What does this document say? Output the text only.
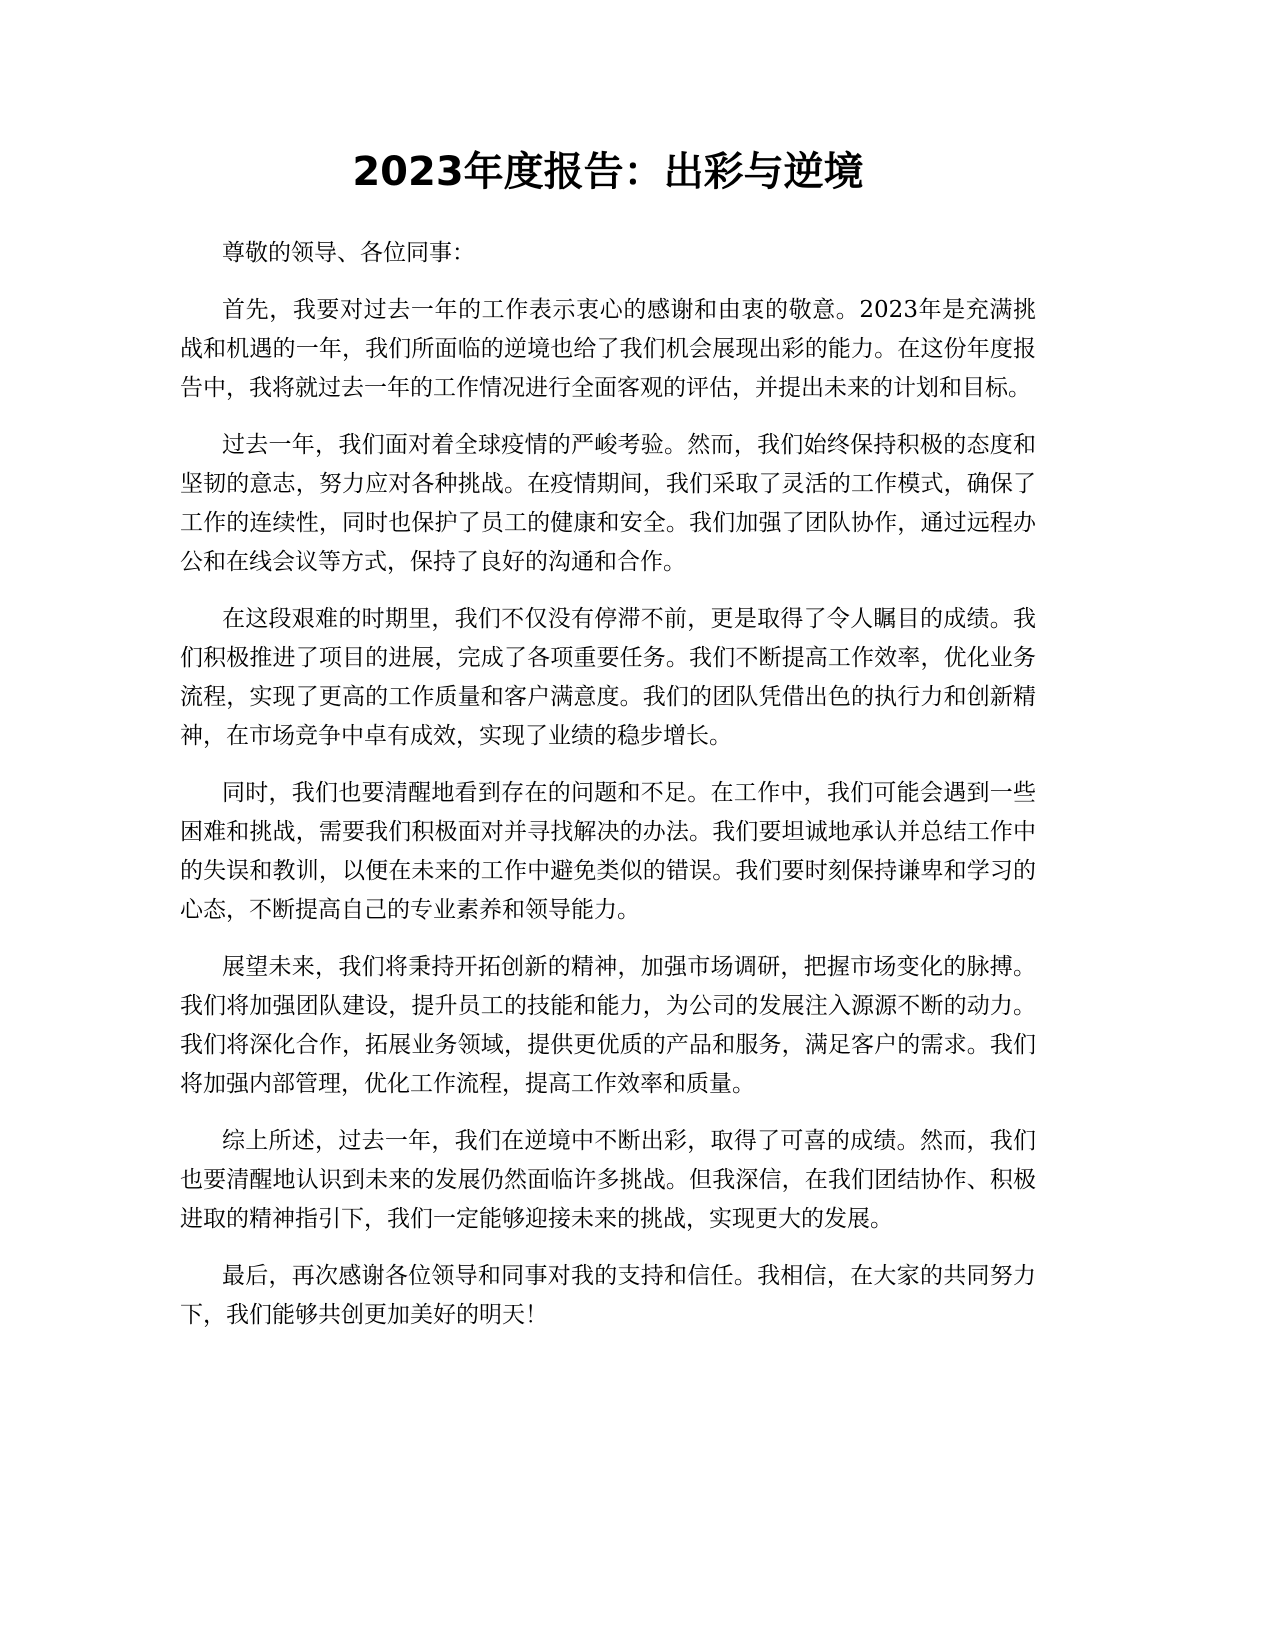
2023年度报告：出彩与逆境

尊敬的领导、各位同事：

首先，我要对过去一年的工作表示衷心的感谢和由衷的敬意。2023年是充满挑战和机遇的一年，我们所面临的逆境也给了我们机会展现出彩的能力。在这份年度报告中，我将就过去一年的工作情况进行全面客观的评估，并提出未来的计划和目标。

过去一年，我们面对着全球疫情的严峻考验。然而，我们始终保持积极的态度和坚韧的意志，努力应对各种挑战。在疫情期间，我们采取了灵活的工作模式，确保了工作的连续性，同时也保护了员工的健康和安全。我们加强了团队协作，通过远程办公和在线会议等方式，保持了良好的沟通和合作。

在这段艰难的时期里，我们不仅没有停滞不前，更是取得了令人瞩目的成绩。我们积极推进了项目的进展，完成了各项重要任务。我们不断提高工作效率，优化业务流程，实现了更高的工作质量和客户满意度。我们的团队凭借出色的执行力和创新精神，在市场竞争中卓有成效，实现了业绩的稳步增长。

同时，我们也要清醒地看到存在的问题和不足。在工作中，我们可能会遇到一些困难和挑战，需要我们积极面对并寻找解决的办法。我们要坦诚地承认并总结工作中的失误和教训，以便在未来的工作中避免类似的错误。我们要时刻保持谦卑和学习的心态，不断提高自己的专业素养和领导能力。

展望未来，我们将秉持开拓创新的精神，加强市场调研，把握市场变化的脉搏。我们将加强团队建设，提升员工的技能和能力，为公司的发展注入源源不断的动力。我们将深化合作，拓展业务领域，提供更优质的产品和服务，满足客户的需求。我们将加强内部管理，优化工作流程，提高工作效率和质量。

综上所述，过去一年，我们在逆境中不断出彩，取得了可喜的成绩。然而，我们也要清醒地认识到未来的发展仍然面临许多挑战。但我深信，在我们团结协作、积极进取的精神指引下，我们一定能够迎接未来的挑战，实现更大的发展。

最后，再次感谢各位领导和同事对我的支持和信任。我相信，在大家的共同努力下，我们能够共创更加美好的明天！
